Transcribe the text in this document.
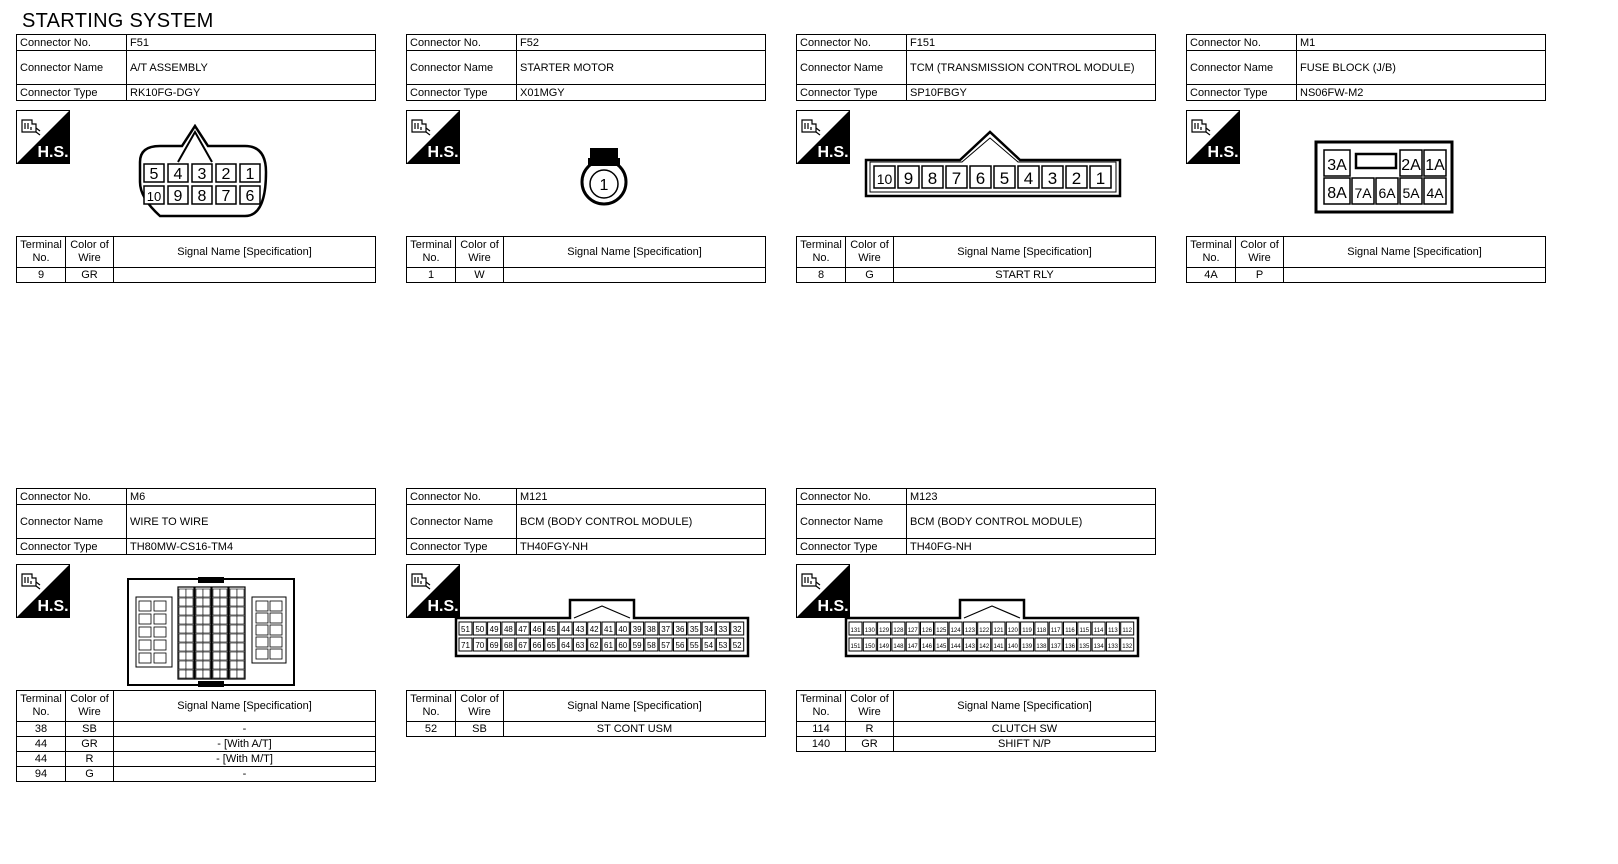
STARTING SYSTEM
Connector No.	F51
Connector Name	A/T ASSEMBLY
Connector Type	RK10FG-DGY
H.S.
Terminal No.	Color of Wire	Signal Name [Specification]
9	GR	
Connector No.	F52
Connector Name	STARTER MOTOR
Connector Type	X01MGY
H.S.
Terminal No.	Color of Wire	Signal Name [Specification]
1	W	
Connector No.	F151
Connector Name	TCM (TRANSMISSION CONTROL MODULE)
Connector Type	SP10FBGY
H.S.
Terminal No.	Color of Wire	Signal Name [Specification]
8	G	START RLY
Connector No.	M1
Connector Name	FUSE BLOCK (J/B)
Connector Type	NS06FW-M2
H.S.
Terminal No.	Color of Wire	Signal Name [Specification]
4A	P	
Connector No.	M6
Connector Name	WIRE TO WIRE
Connector Type	TH80MW-CS16-TM4
H.S.
Terminal No.	Color of Wire	Signal Name [Specification]
38	SB	-
44	GR	- [With A/T]
44	R	- [With M/T]
94	G	-
Connector No.	M121
Connector Name	BCM (BODY CONTROL MODULE)
Connector Type	TH40FGY-NH
H.S.
Terminal No.	Color of Wire	Signal Name [Specification]
52	SB	ST CONT USM
Connector No.	M123
Connector Name	BCM (BODY CONTROL MODULE)
Connector Type	TH40FG-NH
H.S.
Terminal No.	Color of Wire	Signal Name [Specification]
114	R	CLUTCH SW
140	GR	SHIFT N/P
5 4 3 2 1
10 9 8 7 6
1	10 9 8 7 6 5 4 3 2 1
3A	2A 1A
8A 7A 6A 5A 4A
51 50 49 48 47 46 45 44 43 42 41 40 39 38 37 36 35 34 33 32
71 70 69 68 67 66 65 64 63 62 61 60 59 58 57 56 55 54 53 52
131 130 129 128 127 126 125 124 123 122 121 120 119 118 117 116 115 114 113 112
151 150 149 148 147 146 145 144 143 142 141 140 139 138 137 136 135 134 133 132
